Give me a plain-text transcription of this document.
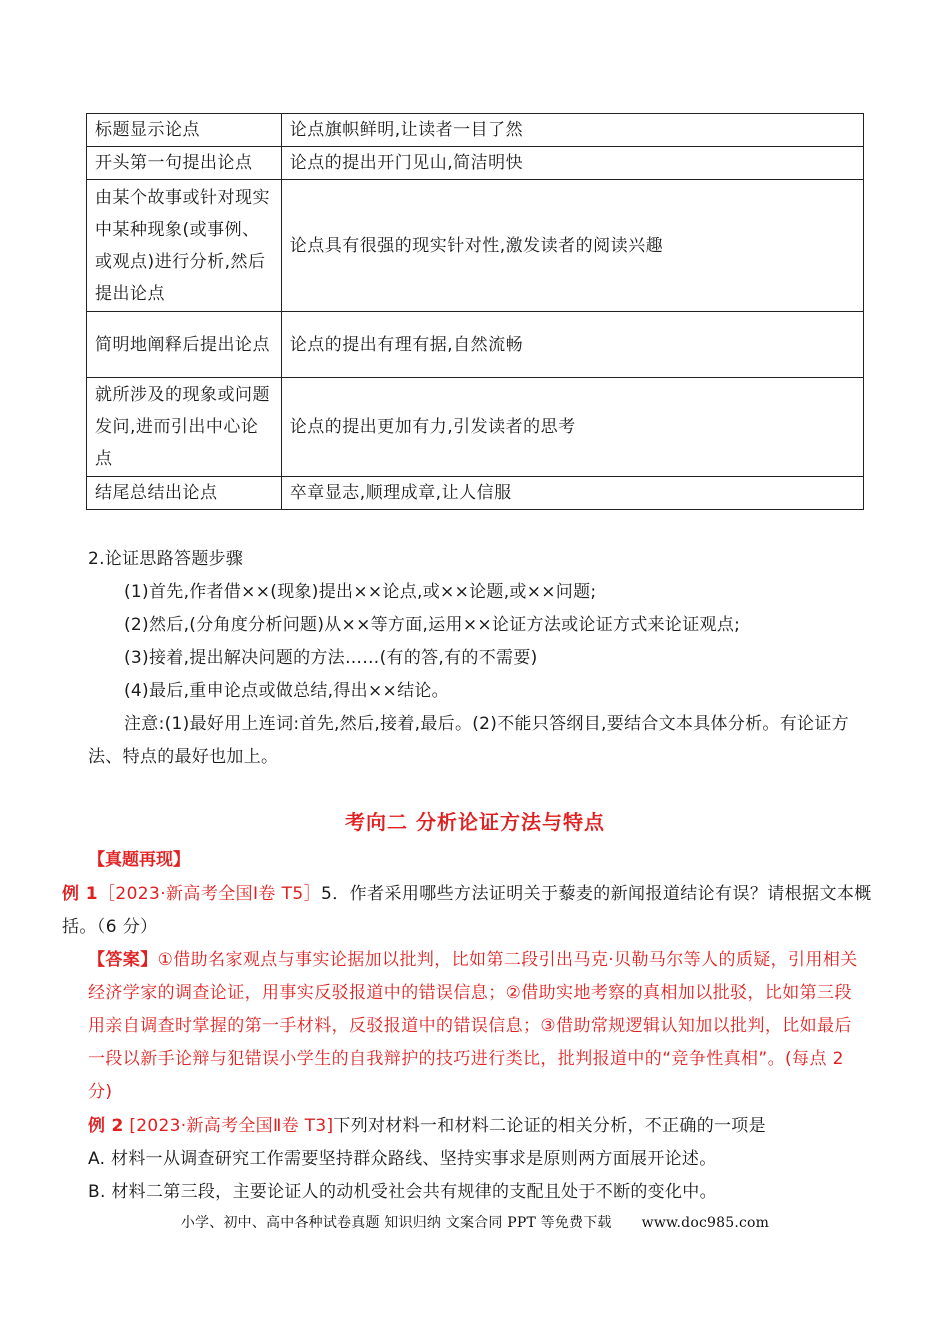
标题显示论点	论点旗帜鲜明,让读者一目了然
开头第一句提出论点	论点的提出开门见山,简洁明快
由某个故事或针对现实中某种现象(或事例、或观点)进行分析,然后提出论点	论点具有很强的现实针对性,激发读者的阅读兴趣
简明地阐释后提出论点	论点的提出有理有据,自然流畅
就所涉及的现象或问题发问,进而引出中心论点	论点的提出更加有力,引发读者的思考
结尾总结出论点	卒章显志,顺理成章,让人信服

2.论证思路答题步骤

(1)首先,作者借××(现象)提出××论点,或××论题,或××问题;

(2)然后,(分角度分析问题)从××等方面,运用××论证方法或论证方式来论证观点;

(3)接着,提出解决问题的方法……(有的答,有的不需要)

(4)最后,重申论点或做总结,得出××结论。

注意:(1)最好用上连词:首先,然后,接着,最后。(2)不能只答纲目,要结合文本具体分析。有论证方法、特点的最好也加上。

考向二 分析论证方法与特点
【真题再现】
例 1［2023·新高考全国Ⅰ卷 T5］5．作者采用哪些方法证明关于藜麦的新闻报道结论有误？请根据文本概括。（6 分）
【答案】①借助名家观点与事实论据加以批判，比如第二段引出马克·贝勒马尔等人的质疑，引用相关经济学家的调查论证，用事实反驳报道中的错误信息；②借助实地考察的真相加以批驳，比如第三段用亲自调查时掌握的第一手材料，反驳报道中的错误信息；③借助常规逻辑认知加以批判，比如最后一段以新手论辩与犯错误小学生的自我辩护的技巧进行类比，批判报道中的“竞争性真相”。(每点 2 分)

例 2 [2023·新高考全国Ⅱ卷 T3]下列对材料一和材料二论证的相关分析，不正确的一项是

A. 材料一从调查研究工作需要坚持群众路线、坚持实事求是原则两方面展开论述。

B. 材料二第三段，主要论证人的动机受社会共有规律的支配且处于不断的变化中。

小学、初中、高中各种试卷真题 知识归纳 文案合同 PPT 等免费下载 www.doc985.com
